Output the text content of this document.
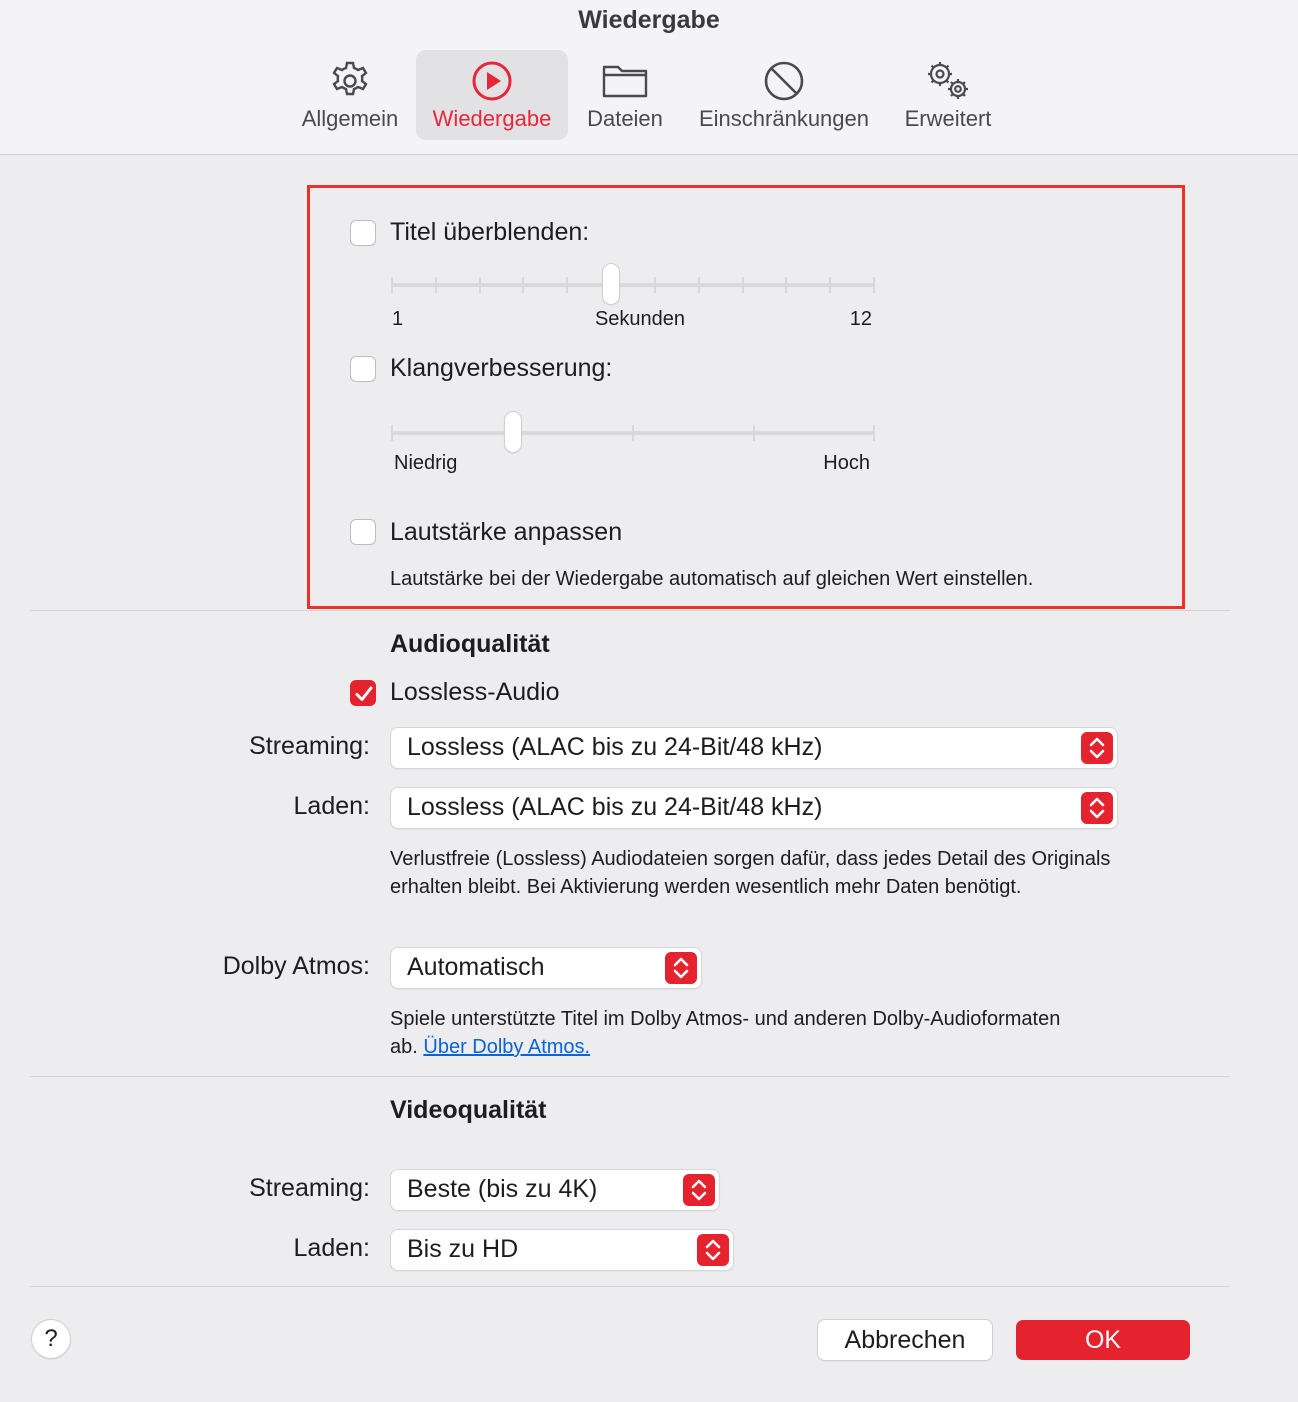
Wiedergabe
Allgemein	Wiedergabe	Dateien	Einschränkungen	Erweitert
Titel überblenden:
1	Sekunden	12
Klangverbesserung:
Niedrig	Hoch
Lautstärke anpassen
Lautstärke bei der Wiedergabe automatisch auf gleichen Wert einstellen.
Audioqualität
Lossless-Audio
Streaming: Lossless (ALAC bis zu 24-Bit/48 kHz)
Laden: Lossless (ALAC bis zu 24-Bit/48 kHz)
Verlustfreie (Lossless) Audiodateien sorgen dafür, dass jedes Detail des Originals erhalten bleibt. Bei Aktivierung werden wesentlich mehr Daten benötigt.
Dolby Atmos: Automatisch
Spiele unterstützte Titel im Dolby Atmos- und anderen Dolby-Audioformaten ab. Über Dolby Atmos.
Videoqualität
Streaming: Beste (bis zu 4K)
Laden: Bis zu HD
?	Abbrechen	OK
